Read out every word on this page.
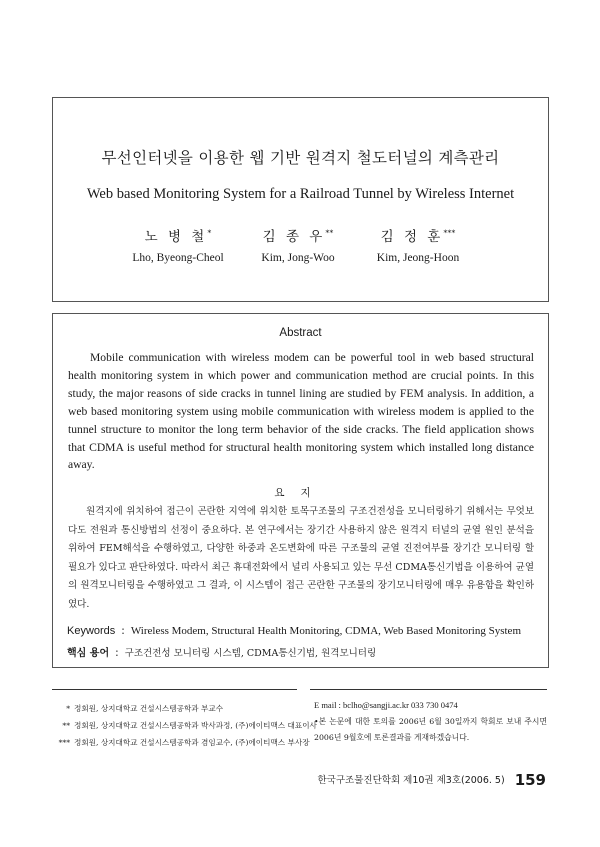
무선인터넷을 이용한 웹 기반 원격지 철도터널의 계측관리
Web based Monitoring System for a Railroad Tunnel by Wireless Internet
노 병 철*
Lho, Byeong-Cheol
김 종 우**
Kim, Jong-Woo
김 정 훈***
Kim, Jeong-Hoon
Abstract

Mobile communication with wireless modem can be powerful tool in web based structural health monitoring system in which power and communication method are crucial points. In this study, the major reasons of side cracks in tunnel lining are studied by FEM analysis. In addition, a web based monitoring system using mobile communication with wireless modem is applied to the tunnel structure to monitor the long term behavior of the side cracks. The field application shows that CDMA is useful method for structural health monitoring system which installed long distance away.

요지

원격지에 위치하여 접근이 곤란한 지역에 위치한 토목구조물의 구조건전성을 모니터링하기 위해서는 무엇보다도 전원과 통신방법의 선정이 중요하다. 본 연구에서는 장기간 사용하지 않은 원격지 터널의 균열 원인 분석을 위하여 FEM해석을 수행하였고, 다양한 하중과 온도변화에 따른 구조물의 균열 진전여부를 장기간 모니터링 할 필요가 있다고 판단하였다. 따라서 최근 휴대전화에서 널리 사용되고 있는 무선 CDMA통신기법을 이용하여 균열의 원격모니터링을 수행하였고 그 결과, 이 시스템이 접근 곤란한 구조물의 장기모니터링에 매우 유용함을 확인하였다.

Keywords : Wireless Modem, Structural Health Monitoring, CDMA, Web Based Monitoring System
핵심 용어 : 구조건전성 모니터링 시스템, CDMA통신기법, 원격모니터링
* 정회원, 상지대학교 건설시스템공학과 부교수
** 정회원, 상지대학교 건설시스템공학과 박사과정, (주)에이티맥스 대표이사
*** 정회원, 상지대학교 건설시스템공학과 겸임교수, (주)에이티맥스 부사장
E mail : bclho@sangji.ac.kr 033 730 0474
•본 논문에 대한 토의를 2006년 6월 30일까지 학회로 보내 주시면 2006년 9월호에 토론결과를 게재하겠습니다.
한국구조물진단학회 제10권 제3호(2006. 5) 159
